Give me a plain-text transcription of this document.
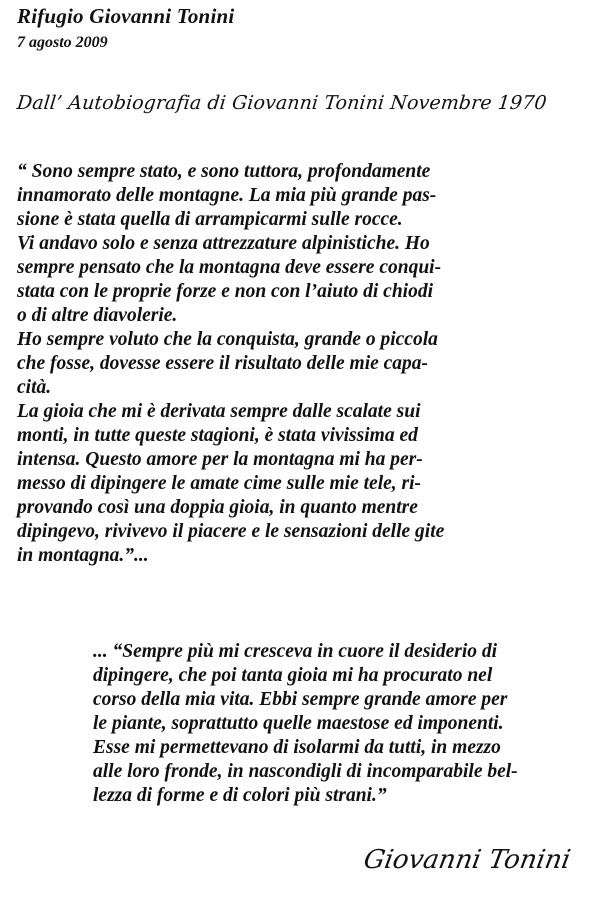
Rifugio Giovanni Tonini
7 agosto 2009
Dall’ Autobiografia di Giovanni Tonini Novembre 1970
“ Sono sempre stato, e sono tuttora, profondamente
innamorato delle montagne. La mia più grande pas-
sione è stata quella di arrampicarmi sulle rocce.
Vi andavo solo e senza attrezzature alpinistiche. Ho
sempre pensato che la montagna deve essere conqui-
stata con le proprie forze e non con l’aiuto di chiodi
o di altre diavolerie.
Ho sempre voluto che la conquista, grande o piccola
che fosse, dovesse essere il risultato delle mie capa-
cità.
La gioia che mi è derivata sempre dalle scalate sui
monti, in tutte queste stagioni, è stata vivissima ed
intensa. Questo amore per la montagna mi ha per-
messo di dipingere le amate cime sulle mie tele, ri-
provando così una doppia gioia, in quanto mentre
dipingevo, rivivevo il piacere e le sensazioni delle gite
in montagna.”...
... “Sempre più mi cresceva in cuore il desiderio di
dipingere, che poi tanta gioia mi ha procurato nel
corso della mia vita. Ebbi sempre grande amore per
le piante, soprattutto quelle maestose ed imponenti.
Esse mi permettevano di isolarmi da tutti, in mezzo
alle loro fronde, in nascondigli di incomparabile bel-
lezza di forme e di colori più strani.”
Giovanni Tonini
